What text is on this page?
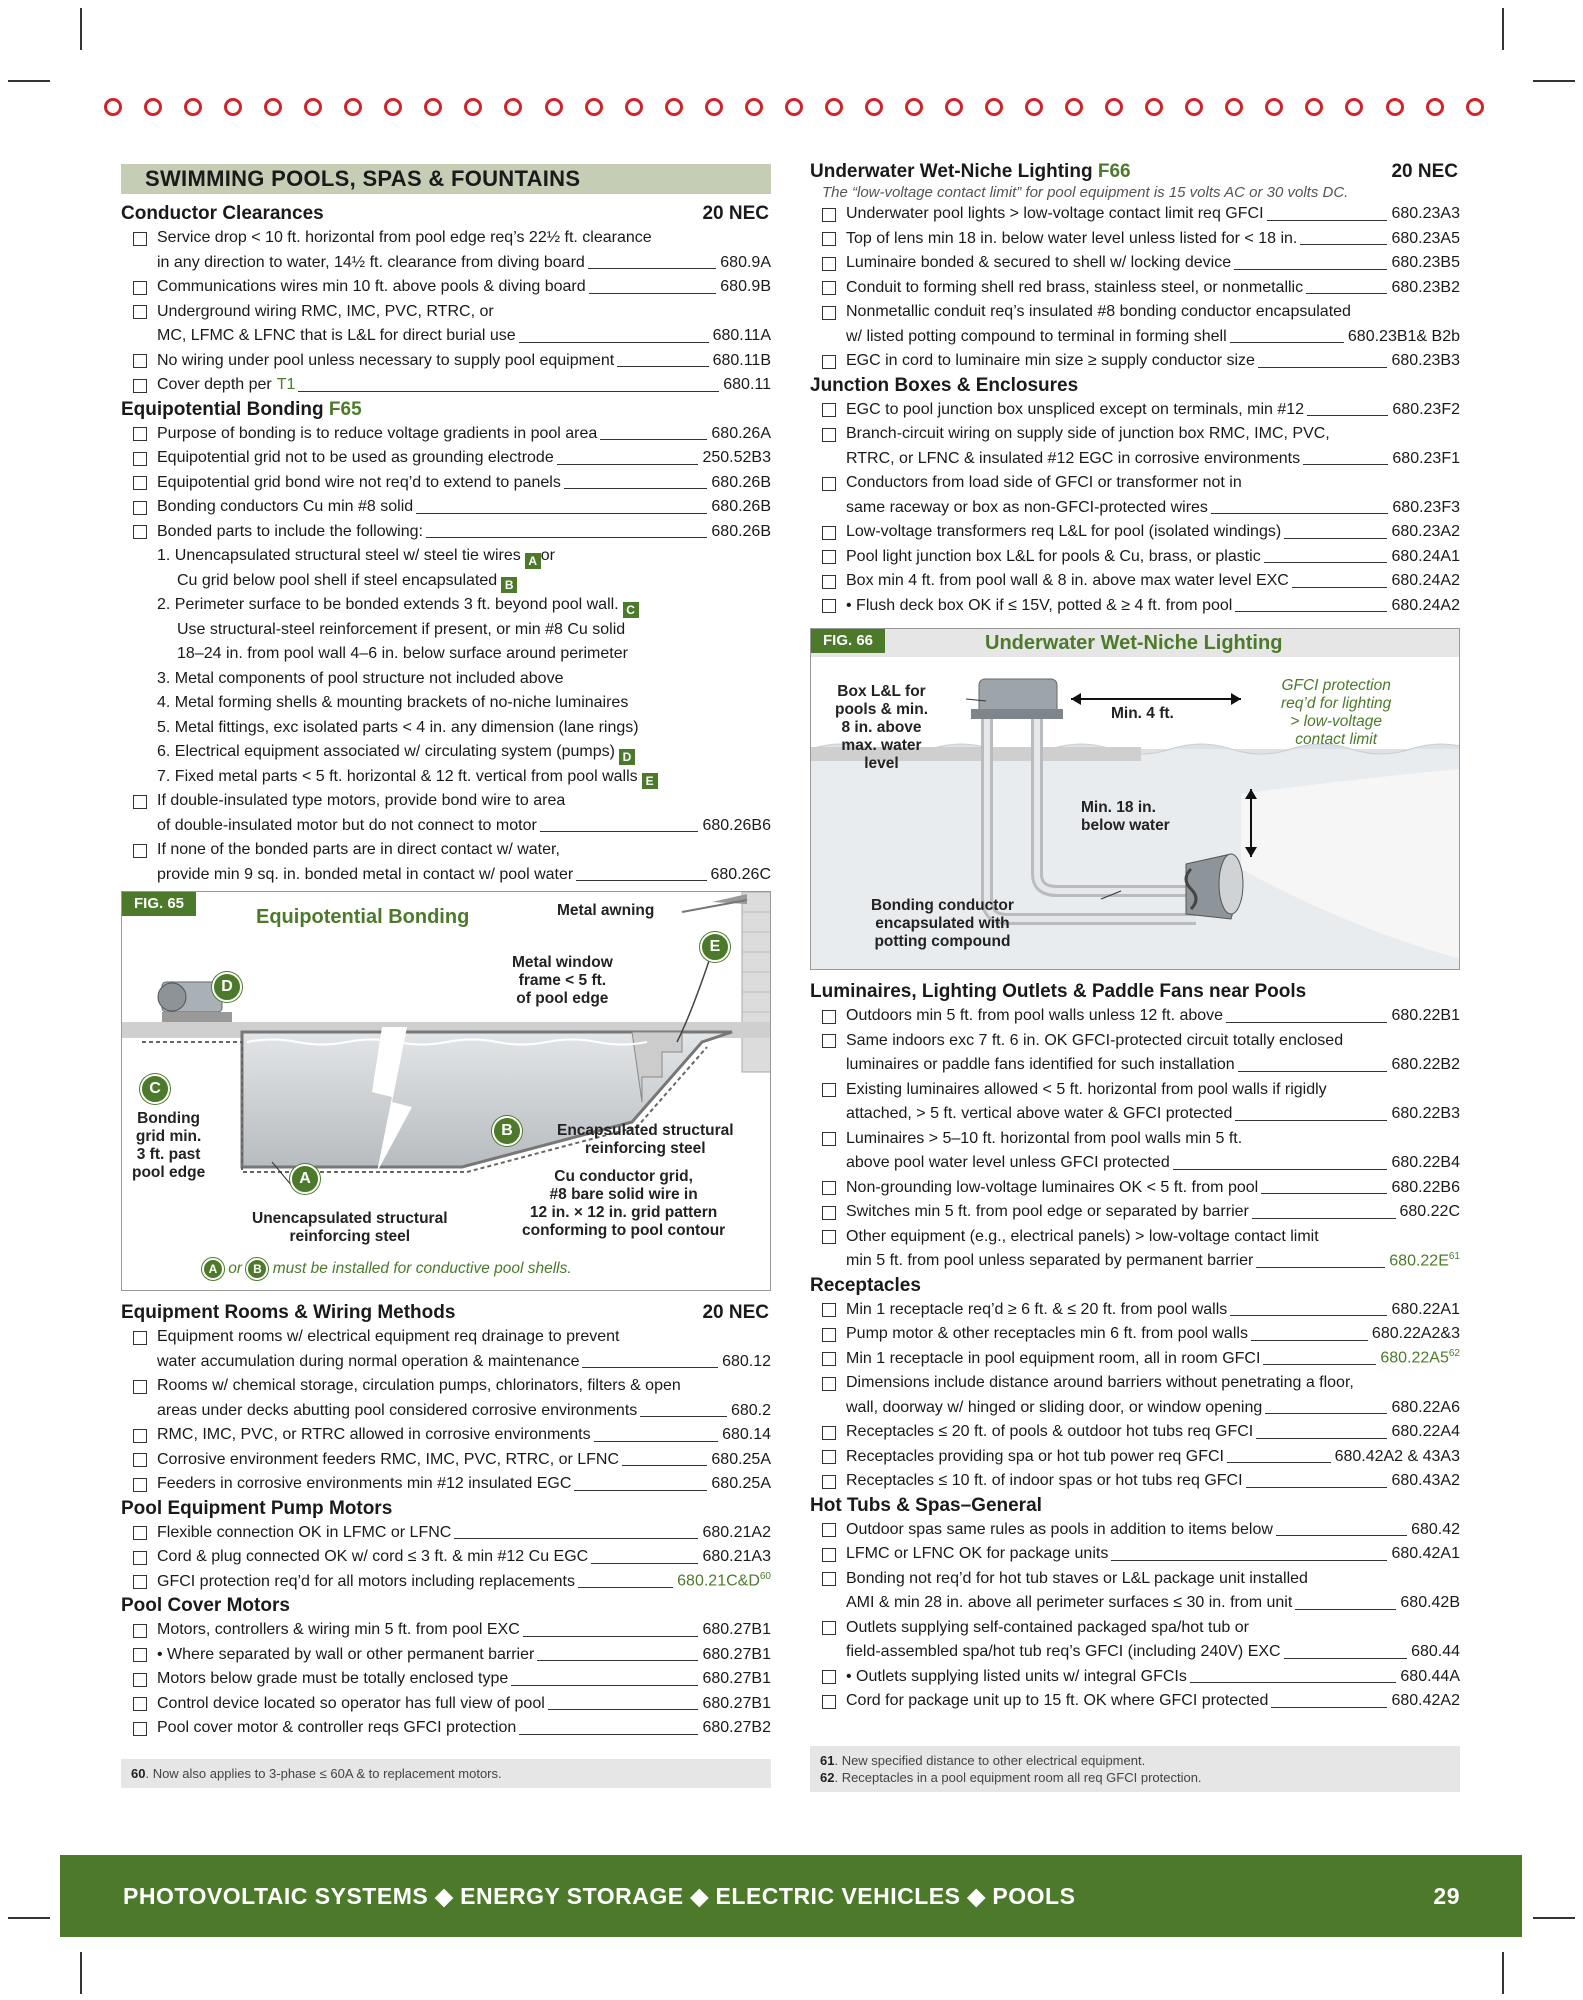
SWIMMING POOLS, SPAS & FOUNTAINS
Conductor Clearances	20 NEC
Service drop < 10 ft. horizontal from pool edge req’s 22½ ft. clearance
in any direction to water, 14½ ft. clearance from diving board	680.9A
Communications wires min 10 ft. above pools & diving board	680.9B
Underground wiring RMC, IMC, PVC, RTRC, or
MC, LFMC & LFNC that is L&L for direct burial use	680.11A
No wiring under pool unless necessary to supply pool equipment	680.11B
Cover depth per T1	680.11
Equipotential Bonding F65
Purpose of bonding is to reduce voltage gradients in pool area	680.26A
Equipotential grid not to be used as grounding electrode	250.52B3
Equipotential grid bond wire not req’d to extend to panels	680.26B
Bonding conductors Cu min #8 solid	680.26B
Bonded parts to include the following:	680.26B
1. Unencapsulated structural steel w/ steel tie wires A or
Cu grid below pool shell if steel encapsulated B
2. Perimeter surface to be bonded extends 3 ft. beyond pool wall. C
Use structural-steel reinforcement if present, or min #8 Cu solid
18–24 in. from pool wall 4–6 in. below surface around perimeter
3. Metal components of pool structure not included above
4. Metal forming shells & mounting brackets of no-niche luminaires
5. Metal fittings, exc isolated parts < 4 in. any dimension (lane rings)
6. Electrical equipment associated w/ circulating system (pumps) D
7. Fixed metal parts < 5 ft. horizontal & 12 ft. vertical from pool walls E
If double-insulated type motors, provide bond wire to area
of double-insulated motor but do not connect to motor	680.26B6
If none of the bonded parts are in direct contact w/ water,
provide min 9 sq. in. bonded metal in contact w/ pool water	680.26C
FIG. 65
Equipotential Bonding	Metal awning
Metal window
frame < 5 ft.
of pool edge
Bonding
grid min.
3 ft. past
pool edge
Encapsulated structural
reinforcing steel
Cu conductor grid,
#8 bare solid wire in
12 in. × 12 in. grid pattern
conforming to pool contour
Unencapsulated structural
reinforcing steel
D
C
A
B
E
A or B must be installed for conductive pool shells.
Equipment Rooms & Wiring Methods	20 NEC
Equipment rooms w/ electrical equipment req drainage to prevent
water accumulation during normal operation & maintenance	680.12
Rooms w/ chemical storage, circulation pumps, chlorinators, filters & open
areas under decks abutting pool considered corrosive environments	680.2
RMC, IMC, PVC, or RTRC allowed in corrosive environments	680.14
Corrosive environment feeders RMC, IMC, PVC, RTRC, or LFNC	680.25A
Feeders in corrosive environments min #12 insulated EGC	680.25A
Pool Equipment Pump Motors
Flexible connection OK in LFMC or LFNC	680.21A2
Cord & plug connected OK w/ cord ≤ 3 ft. & min #12 Cu EGC	680.21A3
GFCI protection req’d for all motors including replacements	$680.21C\&D^{60}$
Pool Cover Motors
Motors, controllers & wiring min 5 ft. from pool EXC	680.27B1
• Where separated by wall or other permanent barrier	680.27B1
Motors below grade must be totally enclosed type	680.27B1
Control device located so operator has full view of pool	680.27B1
Pool cover motor & controller reqs GFCI protection	680.27B2
60. Now also applies to 3-phase ≤ 60A & to replacement motors.
Underwater Wet-Niche Lighting F66	20 NEC
The “low-voltage contact limit” for pool equipment is 15 volts AC or 30 volts DC.
Underwater pool lights > low-voltage contact limit req GFCI	680.23A3
Top of lens min 18 in. below water level unless listed for < 18 in.	680.23A5
Luminaire bonded & secured to shell w/ locking device	680.23B5
Conduit to forming shell red brass, stainless steel, or nonmetallic	680.23B2
Nonmetallic conduit req’s insulated #8 bonding conductor encapsulated
w/ listed potting compound to terminal in forming shell	680.23B1& B2b
EGC in cord to luminaire min size ≥ supply conductor size	680.23B3
Junction Boxes & Enclosures
EGC to pool junction box unspliced except on terminals, min #12	680.23F2
Branch-circuit wiring on supply side of junction box RMC, IMC, PVC,
RTRC, or LFNC & insulated #12 EGC in corrosive environments	680.23F1
Conductors from load side of GFCI or transformer not in
same raceway or box as non-GFCI-protected wires	680.23F3
Low-voltage transformers req L&L for pool (isolated windings)	680.23A2
Pool light junction box L&L for pools & Cu, brass, or plastic	680.24A1
Box min 4 ft. from pool wall & 8 in. above max water level EXC	680.24A2
• Flush deck box OK if ≤ 15V, potted & ≥ 4 ft. from pool	680.24A2
FIG. 66	Underwater Wet-Niche Lighting
Box L&L for
pools & min.
8 in. above
max. water
level
Min. 4 ft.
GFCI protection
req’d for lighting
> low-voltage
contact limit
Min. 18 in.
below water
Bonding conductor
encapsulated with
potting compound
Luminaires, Lighting Outlets & Paddle Fans near Pools
Outdoors min 5 ft. from pool walls unless 12 ft. above	680.22B1
Same indoors exc 7 ft. 6 in. OK GFCI-protected circuit totally enclosed
luminaires or paddle fans identified for such installation	680.22B2
Existing luminaires allowed < 5 ft. horizontal from pool walls if rigidly
attached, > 5 ft. vertical above water & GFCI protected	680.22B3
Luminaires > 5–10 ft. horizontal from pool walls min 5 ft.
above pool water level unless GFCI protected	680.22B4
Non-grounding low-voltage luminaires OK < 5 ft. from pool	680.22B6
Switches min 5 ft. from pool edge or separated by barrier	680.22C
Other equipment (e.g., electrical panels) > low-voltage contact limit
min 5 ft. from pool unless separated by permanent barrier	$680.22E^{61}$
Receptacles
Min 1 receptacle req’d ≥ 6 ft. & ≤ 20 ft. from pool walls	680.22A1
Pump motor & other receptacles min 6 ft. from pool walls	680.22A2&3
Min 1 receptacle in pool equipment room, all in room GFCI	$680.22A5^{62}$
Dimensions include distance around barriers without penetrating a floor,
wall, doorway w/ hinged or sliding door, or window opening	680.22A6
Receptacles ≤ 20 ft. of pools & outdoor hot tubs req GFCI	680.22A4
Receptacles providing spa or hot tub power req GFCI	680.42A2 & 43A3
Receptacles ≤ 10 ft. of indoor spas or hot tubs req GFCI	680.43A2
Hot Tubs & Spas–General
Outdoor spas same rules as pools in addition to items below	680.42
LFMC or LFNC OK for package units	680.42A1
Bonding not req’d for hot tub staves or L&L package unit installed
AMI & min 28 in. above all perimeter surfaces ≤ 30 in. from unit	680.42B
Outlets supplying self-contained packaged spa/hot tub or
field-assembled spa/hot tub req’s GFCI (including 240V) EXC	680.44
• Outlets supplying listed units w/ integral GFCIs	680.44A
Cord for package unit up to 15 ft. OK where GFCI protected	680.42A2
61. New specified distance to other electrical equipment.
62. Receptacles in a pool equipment room all req GFCI protection.
PHOTOVOLTAIC SYSTEMS ◆ ENERGY STORAGE ◆ ELECTRIC VEHICLES ◆ POOLS	29
